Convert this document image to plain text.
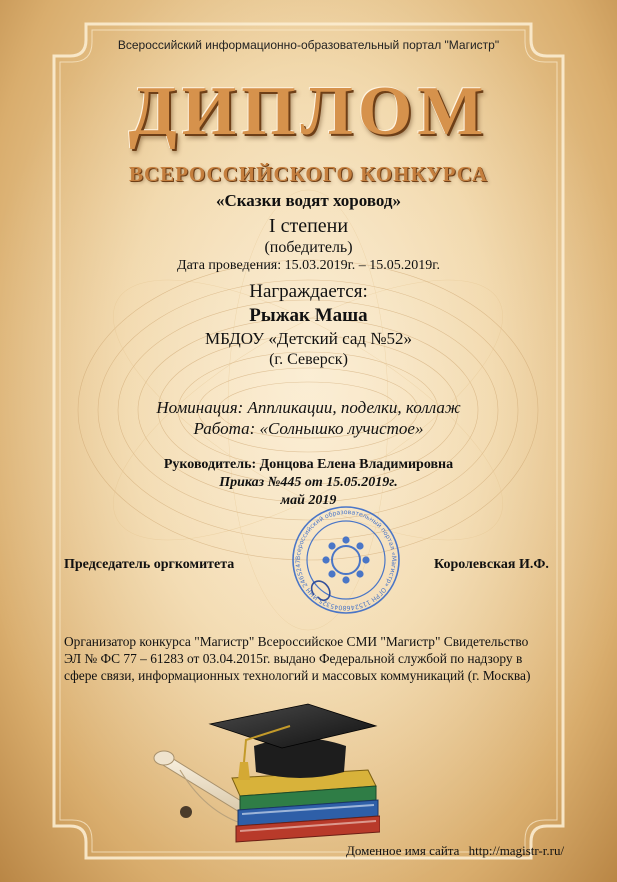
Всероссийский информационно-образовательный портал "Магистр"

ДИПЛОМ

ВСЕРОССИЙСКОГО КОНКУРСА

«Сказки водят хоровод»

I степени

(победитель)

Дата проведения: 15.03.2019г. – 15.05.2019г.

Награждается:

Рыжак Маша

МБДОУ «Детский сад №52»

(г. Северск)

Номинация: Аппликации, поделки, коллаж

Работа: «Солнышко лучистое»

Руководитель: Донцова Елена Владимировна

Приказ №445 от 15.05.2019г.

май 2019

Председатель оргкомитета	Королевская И.Ф.
Всероссийский образовательный портал «Магистр» ОГРН 1152468045325 ИНН 2465247

Организатор конкурса "Магистр" Всероссийское СМИ "Магистр" Свидетельство

ЭЛ № ФС 77 – 61283 от 03.04.2015г. выдано Федеральной службой по надзору в

сфере связи, информационных технологий и массовых коммуникаций (г. Москва)

Доменное имя сайта http://magistr-r.ru/
